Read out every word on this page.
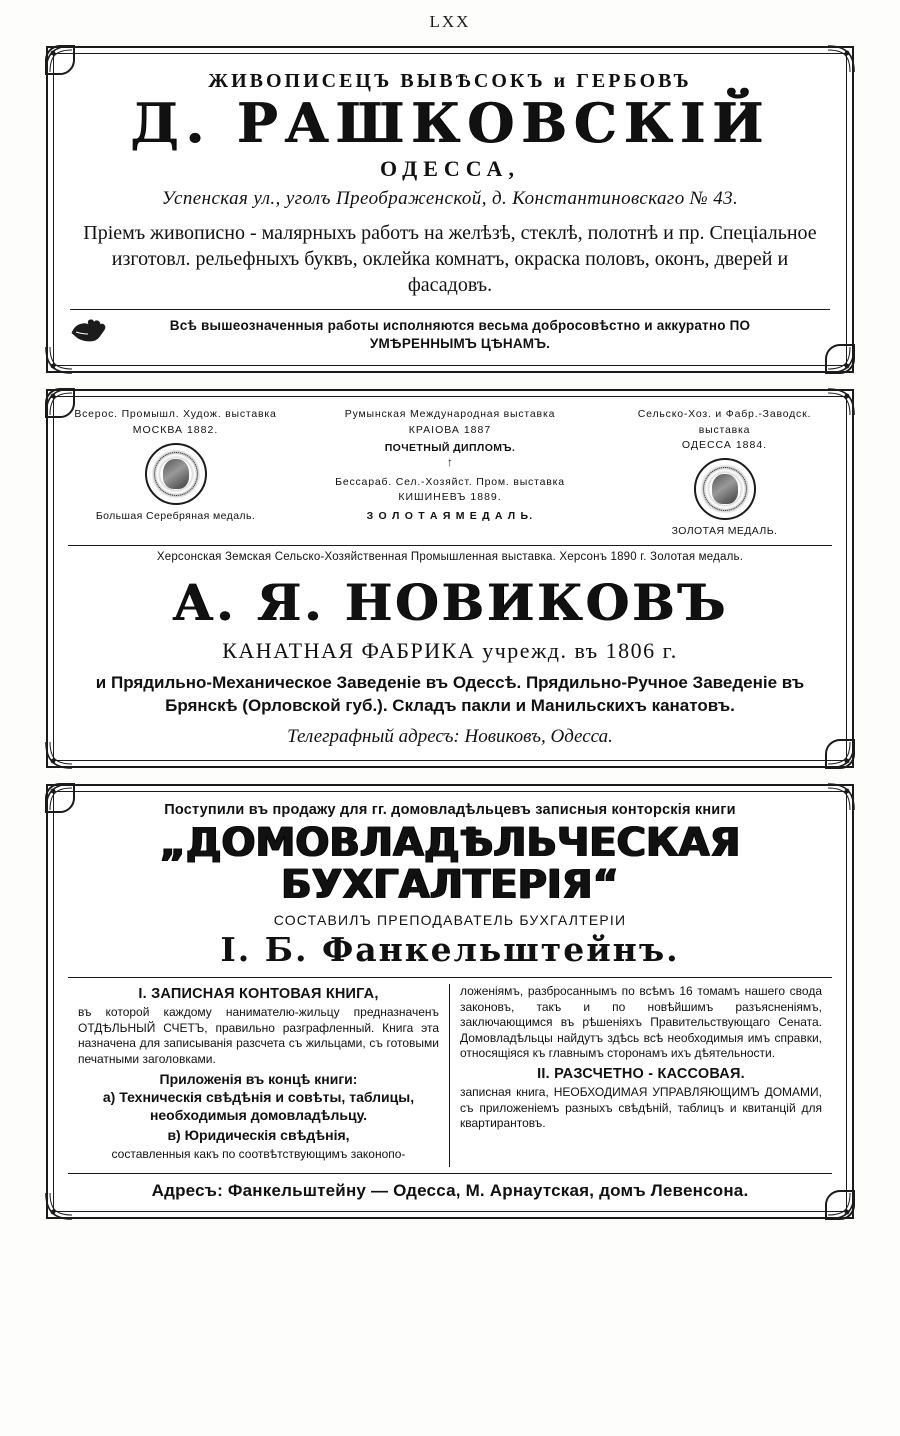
LXX
ЖИВОПИСЕЦЪ ВЫВѢСОКЪ и ГЕРБОВЪ
Д. РАШКОВСКІЙ
ОДЕССА,
Успенская ул., уголъ Преображенской, д. Константиновскаго № 43.
Пріемъ живописно - малярныхъ работъ на желѣзѣ, стеклѣ, полотнѣ и пр. Спеціальное изготовл. рельефныхъ буквъ, оклейка комнатъ, окраска половъ, оконъ, дверей и фасадовъ.
Всѣ вышеозначенныя работы исполняются весьма добросовѣстно и аккуратно ПО УМѢРЕННЫМЪ ЦѢНАМЪ.
Всерос. Промышл. Худож. выставка
МОСКВА 1882.
Большая Серебряная медаль.
Румынская Международная выставка
КРАІОВА 1887
ПОЧЕТНЫЙ ДИПЛОМЪ.
↑
Бессараб. Сел.-Хозяйст. Пром. выставка
КИШИНЕВЪ 1889.
З О Л О Т А Я М Е Д А Л Ь.
Сельско-Хоз. и Фабр.-Заводск. выставка
ОДЕССА 1884.
ЗОЛОТАЯ МЕДАЛЬ.
Херсонская Земская Сельско-Хозяйственная Промышленная выставка. Херсонъ 1890 г. Золотая медаль.
А. Я. НОВИКОВЪ
КАНАТНАЯ ФАБРИКА учрежд. въ 1806 г.
и Прядильно-Механическое Заведеніе въ Одессѣ. Прядильно-Ручное Заведеніе въ Брянскѣ (Орловской губ.). Складъ пакли и Манильскихъ канатовъ.
Телеграфный адресъ: Новиковъ, Одесса.
Поступили въ продажу для гг. домовладѣльцевъ записныя конторскія книги
„ДОМОВЛАДѢЛЬЧЕСКАЯ БУХГАЛТЕРІЯ“
СОСТАВИЛЪ ПРЕПОДАВАТЕЛЬ БУХГАЛТЕРІИ
І. Б. Фанкельштейнъ.
I. ЗАПИСНАЯ КОНТОВАЯ КНИГА,
въ которой каждому нанимателю-жильцу предназначенъ ОТДѢЛЬНЫЙ СЧЕТЪ, правильно разграфленный. Книга эта назначена для записыванія разсчета съ жильцами, съ готовыми печатными заголовками.
Приложенія въ концѣ книги:
а) Техническія свѣдѣнія и совѣты, таблицы, необходимыя домовладѣльцу.
в) Юридическія свѣдѣнія,
составленныя какъ по соотвѣтствующимъ законопо-
ложеніямъ, разбросаннымъ по всѣмъ 16 томамъ нашего свода законовъ, такъ и по новѣйшимъ разъясненіямъ, заключающимся въ рѣшеніяхъ Правительствующаго Сената. Домовладѣльцы найдутъ здѣсь всѣ необходимыя имъ справки, относящіяся къ главнымъ сторонамъ ихъ дѣятельности.
II. РАЗСЧЕТНО - КАССОВАЯ.
записная книга, НЕОБХОДИМАЯ УПРАВЛЯЮЩИМЪ ДОМАМИ, съ приложеніемъ разныхъ свѣдѣній, таблицъ и квитанцій для квартирантовъ.
Адресъ: Фанкельштейну — Одесса, М. Арнаутская, домъ Левенсона.
